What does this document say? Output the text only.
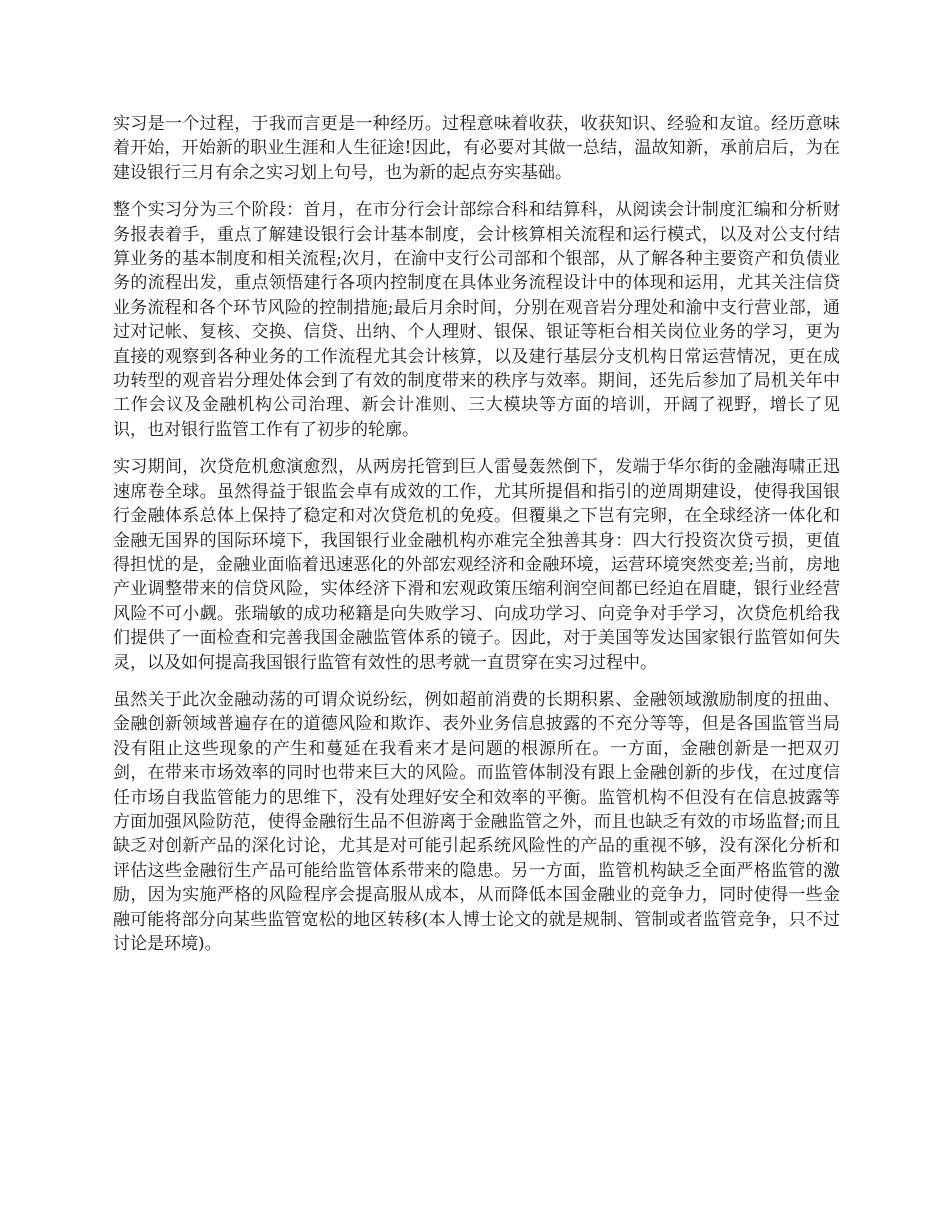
实习是一个过程，于我而言更是一种经历。过程意味着收获，收获知识、经验和友谊。经历意味着开始，开始新的职业生涯和人生征途!因此，有必要对其做一总结，温故知新，承前启后，为在建设银行三月有余之实习划上句号，也为新的起点夯实基础。

整个实习分为三个阶段：首月，在市分行会计部综合科和结算科，从阅读会计制度汇编和分析财务报表着手，重点了解建设银行会计基本制度，会计核算相关流程和运行模式，以及对公支付结算业务的基本制度和相关流程;次月，在渝中支行公司部和个银部，从了解各种主要资产和负债业务的流程出发，重点领悟建行各项内控制度在具体业务流程设计中的体现和运用，尤其关注信贷业务流程和各个环节风险的控制措施;最后月余时间，分别在观音岩分理处和渝中支行营业部，通过对记帐、复核、交换、信贷、出纳、个人理财、银保、银证等柜台相关岗位业务的学习，更为直接的观察到各种业务的工作流程尤其会计核算，以及建行基层分支机构日常运营情况，更在成功转型的观音岩分理处体会到了有效的制度带来的秩序与效率。期间，还先后参加了局机关年中工作会议及金融机构公司治理、新会计准则、三大模块等方面的培训，开阔了视野，增长了见识，也对银行监管工作有了初步的轮廓。

实习期间，次贷危机愈演愈烈，从两房托管到巨人雷曼轰然倒下，发端于华尔街的金融海啸正迅速席卷全球。虽然得益于银监会卓有成效的工作，尤其所提倡和指引的逆周期建设，使得我国银行金融体系总体上保持了稳定和对次贷危机的免疫。但覆巢之下岂有完卵，在全球经济一体化和金融无国界的国际环境下，我国银行业金融机构亦难完全独善其身：四大行投资次贷亏损，更值得担忧的是，金融业面临着迅速恶化的外部宏观经济和金融环境，运营环境突然变差;当前，房地产业调整带来的信贷风险，实体经济下滑和宏观政策压缩利润空间都已经迫在眉睫，银行业经营风险不可小觑。张瑞敏的成功秘籍是向失败学习、向成功学习、向竞争对手学习，次贷危机给我们提供了一面检查和完善我国金融监管体系的镜子。因此，对于美国等发达国家银行监管如何失灵，以及如何提高我国银行监管有效性的思考就一直贯穿在实习过程中。

虽然关于此次金融动荡的可谓众说纷纭，例如超前消费的长期积累、金融领域激励制度的扭曲、金融创新领域普遍存在的道德风险和欺诈、表外业务信息披露的不充分等等，但是各国监管当局没有阻止这些现象的产生和蔓延在我看来才是问题的根源所在。一方面，金融创新是一把双刃剑，在带来市场效率的同时也带来巨大的风险。而监管体制没有跟上金融创新的步伐，在过度信任市场自我监管能力的思维下，没有处理好安全和效率的平衡。监管机构不但没有在信息披露等方面加强风险防范，使得金融衍生品不但游离于金融监管之外，而且也缺乏有效的市场监督;而且缺乏对创新产品的深化讨论，尤其是对可能引起系统风险性的产品的重视不够，没有深化分析和评估这些金融衍生产品可能给监管体系带来的隐患。另一方面，监管机构缺乏全面严格监管的激励，因为实施严格的风险程序会提高服从成本，从而降低本国金融业的竞争力，同时使得一些金融可能将部分向某些监管宽松的地区转移(本人博士论文的就是规制、管制或者监管竞争，只不过讨论是环境)。
